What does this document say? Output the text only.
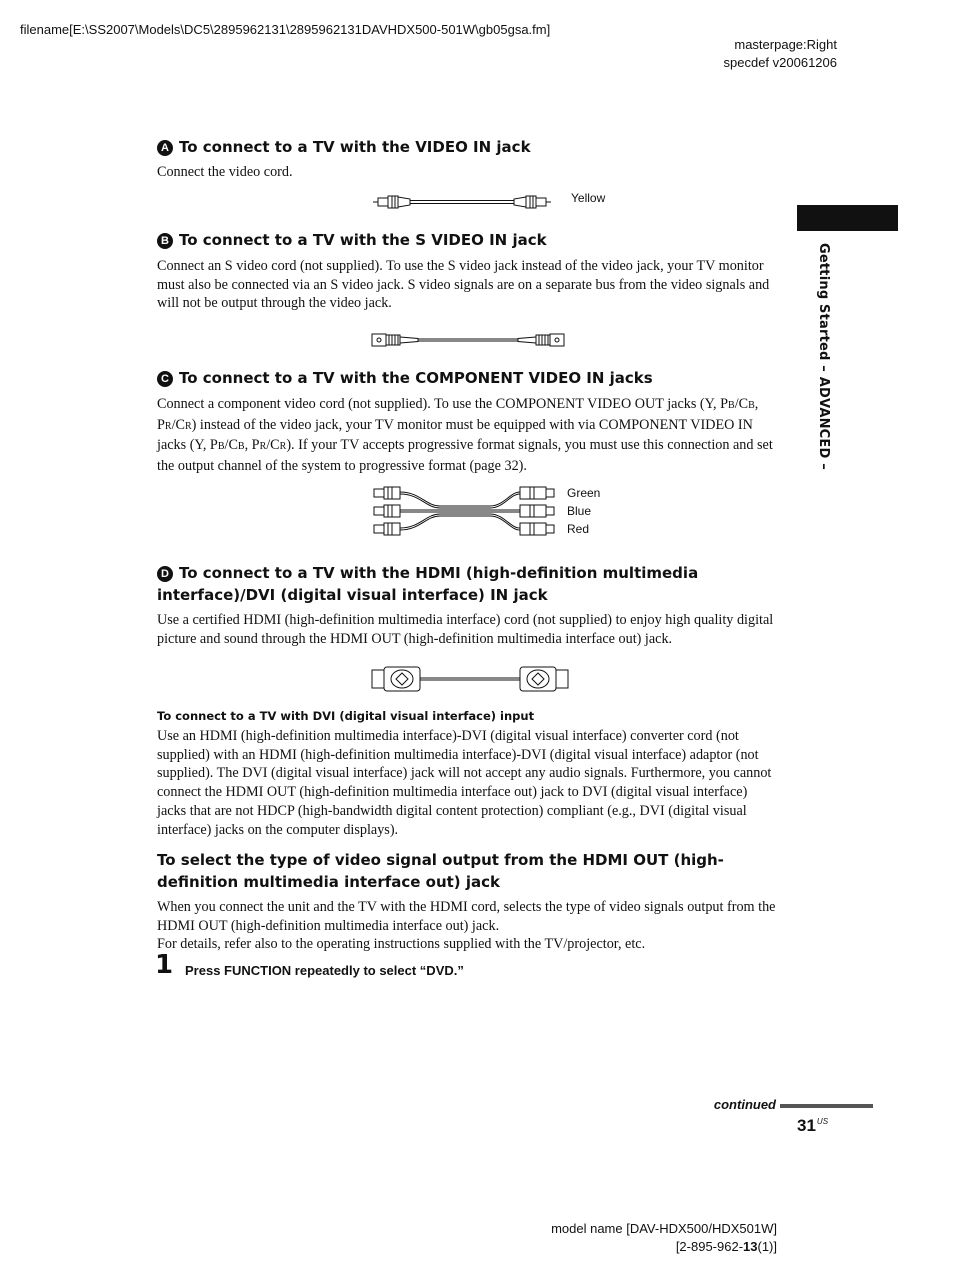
filename[E:\SS2007\Models\DC5\2895962131\2895962131DAVHDX500-501W\gb05gsa.fm]
masterpage:Right
specdef v20061206
Getting Started – ADVANCED –
A To connect to a TV with the VIDEO IN jack
Connect the video cord.
Yellow
B To connect to a TV with the S VIDEO IN jack
Connect an S video cord (not supplied). To use the S video jack instead of the video jack, your TV monitor must also be connected via an S video jack. S video signals are on a separate bus from the video signals and will not be output through the video jack.
C To connect to a TV with the COMPONENT VIDEO IN jacks
Connect a component video cord (not supplied). To use the COMPONENT VIDEO OUT jacks (Y, PB/CB, PR/CR) instead of the video jack, your TV monitor must be equipped with via COMPONENT VIDEO IN jacks (Y, PB/CB, PR/CR). If your TV accepts progressive format signals, you must use this connection and set the output channel of the system to progressive format (page 32).
Green
Blue
Red
D To connect to a TV with the HDMI (high-definition multimedia interface)/DVI (digital visual interface) IN jack
Use a certified HDMI (high-definition multimedia interface) cord (not supplied) to enjoy high quality digital picture and sound through the HDMI OUT (high-definition multimedia interface out) jack.
To connect to a TV with DVI (digital visual interface) input
Use an HDMI (high-definition multimedia interface)-DVI (digital visual interface) converter cord (not supplied) with an HDMI (high-definition multimedia interface)-DVI (digital visual interface) adaptor (not supplied). The DVI (digital visual interface) jack will not accept any audio signals. Furthermore, you cannot connect the HDMI OUT (high-definition multimedia interface out) jack to DVI (digital visual interface) jacks that are not HDCP (high-bandwidth digital content protection) compliant (e.g., DVI (digital visual interface) jacks on the computer displays).
To select the type of video signal output from the HDMI OUT (high-definition multimedia interface out) jack
When you connect the unit and the TV with the HDMI cord, selects the type of video signals output from the HDMI OUT (high-definition multimedia interface out) jack.
For details, refer also to the operating instructions supplied with the TV/projector, etc.
1 Press FUNCTION repeatedly to select “DVD.”
continued
$31^{US}$
model name [DAV-HDX500/HDX501W]
[2-895-962-13(1)]
